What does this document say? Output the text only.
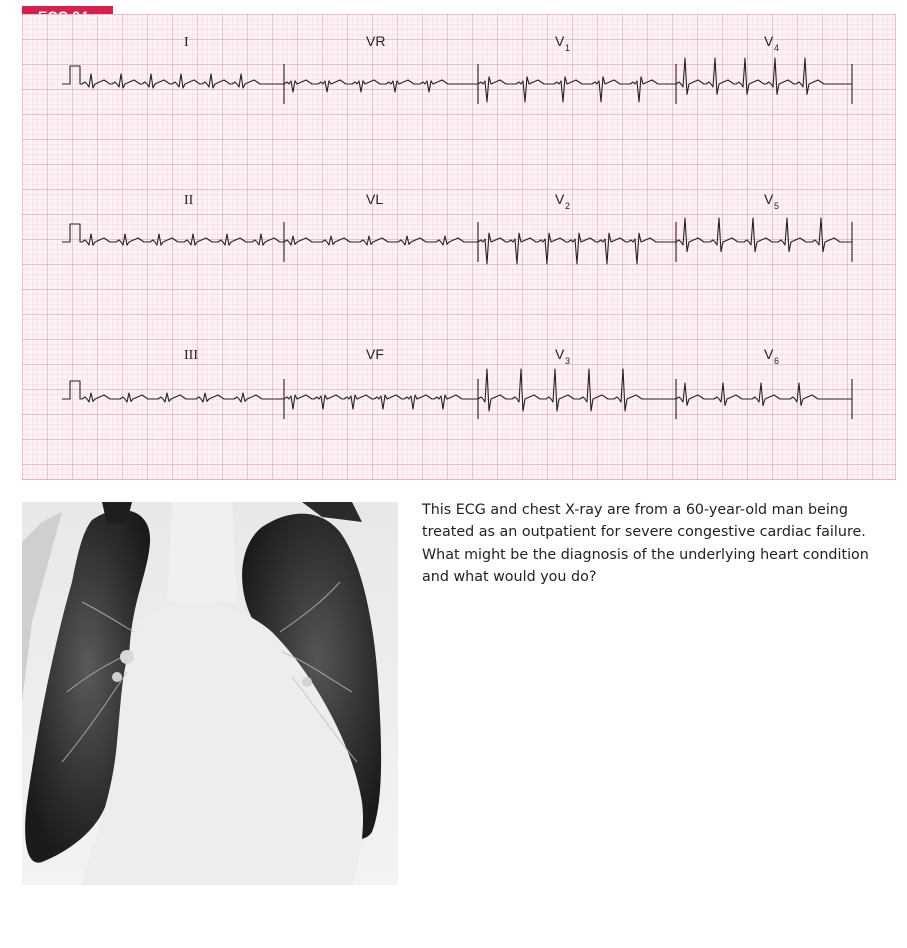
I	VR	V 1	V 4
II	VL	V 2	V 5
III	VF	V 3	V 6

This ECG and chest X-ray are from a 60-year-old man being treated as an outpatient for severe congestive cardiac failure. What might be the diagnosis of the underlying heart condition and what would you do?
